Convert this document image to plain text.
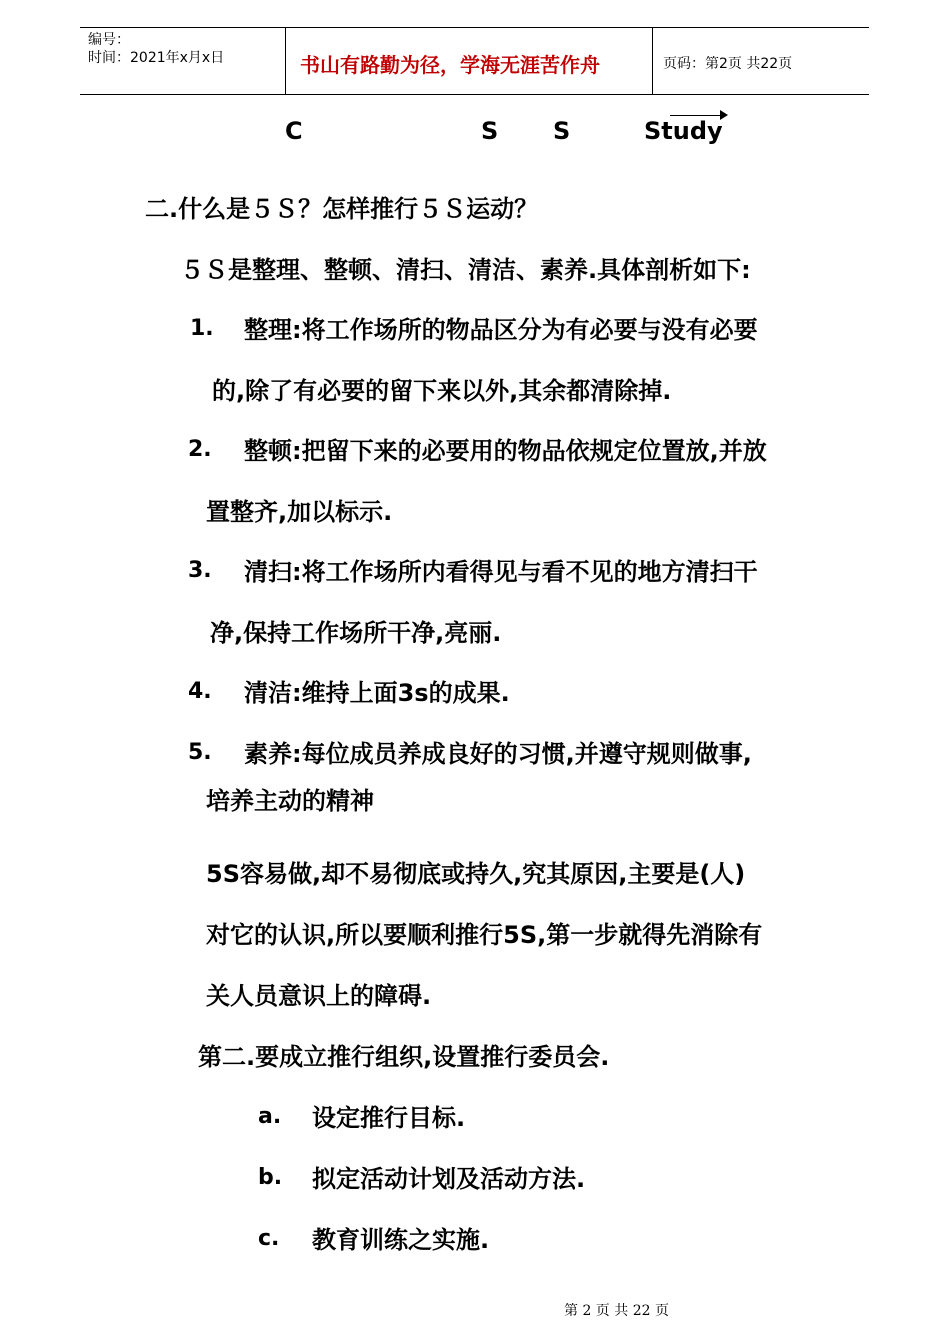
编号：
时间：2021年x月x日	书山有路勤为径，学海无涯苦作舟	页码：第2页 共22页
C	S S	Study
二.什么是５Ｓ？怎样推行５Ｓ运动？
５Ｓ是整理、整顿、清扫、清洁、素养.具体剖析如下:
1. 整理:将工作场所的物品区分为有必要与没有必要
的,除了有必要的留下来以外,其余都清除掉.
2. 整顿:把留下来的必要用的物品依规定位置放,并放
置整齐,加以标示.
3. 清扫:将工作场所内看得见与看不见的地方清扫干
净,保持工作场所干净,亮丽.
4. 清洁:维持上面3s的成果.
5. 素养:每位成员养成良好的习惯,并遵守规则做事,
培养主动的精神
5S容易做,却不易彻底或持久,究其原因,主要是(人)
对它的认识,所以要顺利推行5S,第一步就得先消除有
关人员意识上的障碍.
第二.要成立推行组织,设置推行委员会.
a. 设定推行目标.
b. 拟定活动计划及活动方法.
c. 教育训练之实施.
第 2 页 共 22 页
